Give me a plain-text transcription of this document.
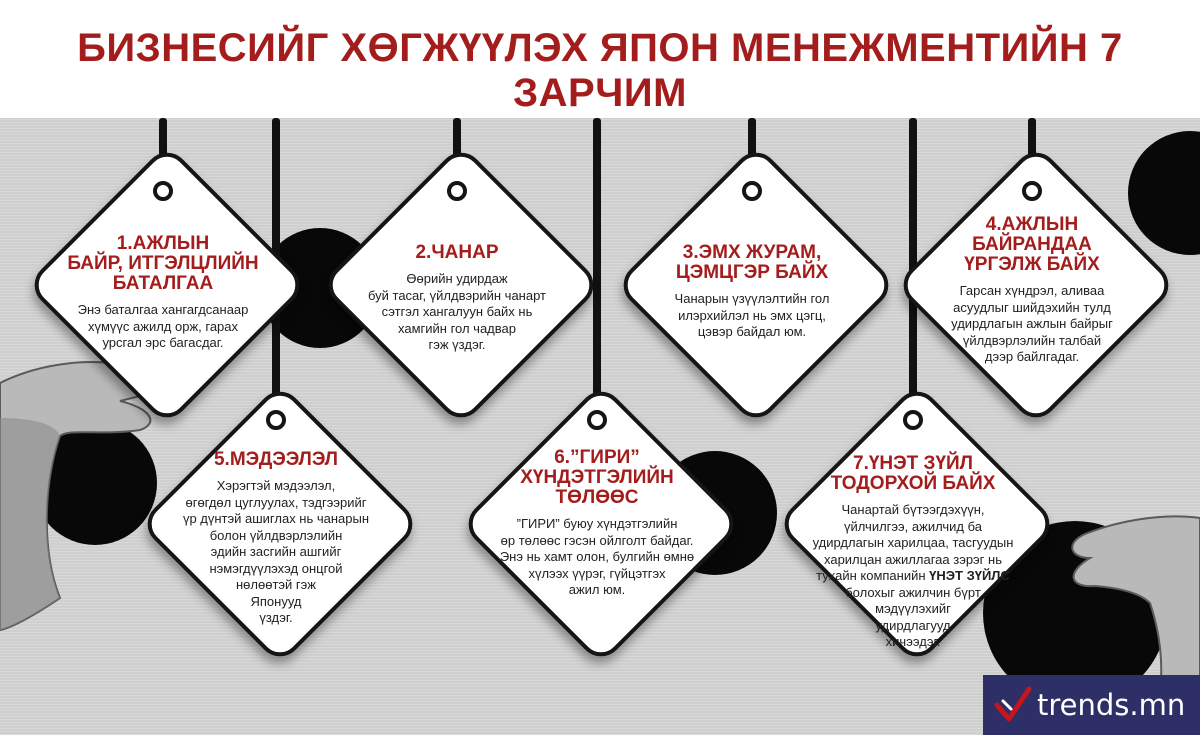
БИЗНЕСИЙГ ХӨГЖҮҮЛЭХ ЯПОН МЕНЕЖМЕНТИЙН 7 ЗАРЧИМ
1.АЖЛЫН
БАЙР, ИТГЭЛЦЛИЙН
БАТАЛГАА
Энэ баталгаа хангагдсанаар
хүмүүс ажилд орж, гарах
урсгал эрс багасдаг.
2.ЧАНАР
Өөрийн удирдаж
буй тасаг, үйлдвэрийн чанарт
сэтгэл хангалуун байх нь
хамгийн гол чадвар
гэж үздэг.
3.ЭМХ ЖУРАМ,
ЦЭМЦГЭР БАЙХ
Чанарын үзүүлэлтийн гол
илэрхийлэл нь эмх цэгц,
цэвэр байдал юм.
4.АЖЛЫН
БАЙРАНДАА
ҮРГЭЛЖ БАЙХ
Гарсан хүндрэл, аливаа
асуудлыг шийдэхийн тулд
удирдлагын ажлын байрыг
үйлдвэрлэлийн талбай
дээр байлгадаг.
5.МЭДЭЭЛЭЛ
Хэрэгтэй мэдээлэл,
өгөгдөл цуглуулах, тэдгээрийг
үр дүнтэй ашиглах нь чанарын
болон үйлдвэрлэлийн
эдийн засгийн ашгийг
нэмэгдүүлэхэд онцгой
нөлөөтэй гэж
Японууд
үздэг.
6.”ГИРИ”
ХҮНДЭТГЭЛИЙН
ТӨЛӨӨС
”ГИРИ” буюу хүндэтгэлийн
өр төлөөс гэсэн ойлголт байдаг.
Энэ нь хамт олон, булгийн өмнө
хүлээх үүрэг, гүйцэтгэх
ажил юм.
7.ҮНЭТ ЗҮЙЛ
ТОДОРХОЙ БАЙХ
Чанартай бүтээгдэхүүн,
үйлчилгээ, ажилчид ба
удирдлагын харилцаа, тасгуудын
харилцан ажиллагаа зэрэг нь
тухайн компанийн ҮНЭТ ЗҮЙЛС
болохыг ажилчин бүрт
мэдүүлэхийг
удирдлагууд
хичээдэг.
trends.mn
